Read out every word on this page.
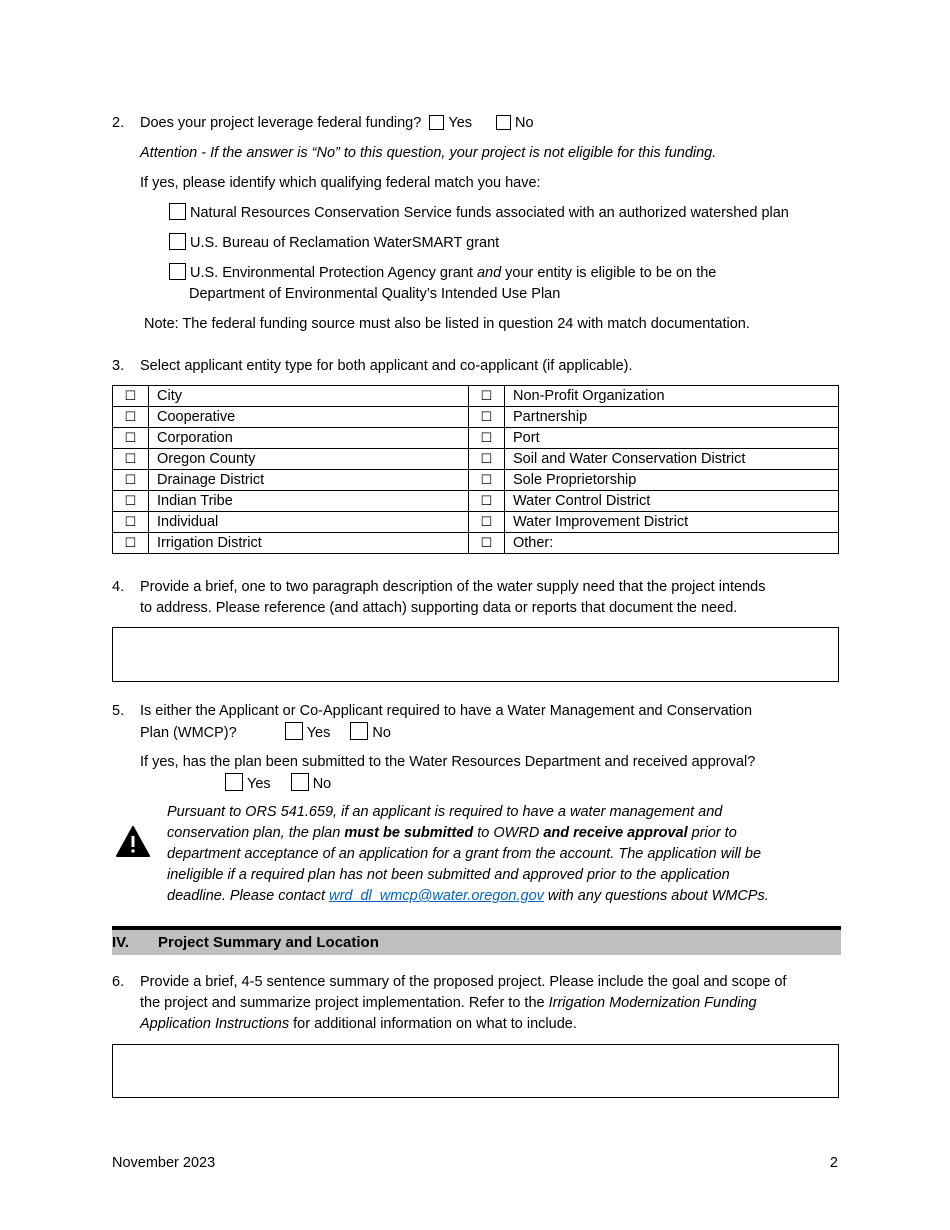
2. Does your project leverage federal funding? Yes	No
Attention - If the answer is “No” to this question, your project is not eligible for this funding.
If yes, please identify which qualifying federal match you have:
Natural Resources Conservation Service funds associated with an authorized watershed plan
U.S. Bureau of Reclamation WaterSMART grant
U.S. Environmental Protection Agency grant and your entity is eligible to be on the
Department of Environmental Quality’s Intended Use Plan
Note: The federal funding source must also be listed in question 24 with match documentation.
3. Select applicant entity type for both applicant and co-applicant (if applicable).
☐	City	☐	Non-Profit Organization
☐	Cooperative	☐	Partnership
☐	Corporation	☐	Port
☐	Oregon County	☐	Soil and Water Conservation District
☐	Drainage District	☐	Sole Proprietorship
☐	Indian Tribe	☐	Water Control District
☐	Individual	☐	Water Improvement District
☐	Irrigation District	☐	Other:
4. Provide a brief, one to two paragraph description of the water supply need that the project intends
to address. Please reference (and attach) supporting data or reports that document the need.
5. Is either the Applicant or Co-Applicant required to have a Water Management and Conservation
Plan (WMCP)?	Yes	No
If yes, has the plan been submitted to the Water Resources Department and received approval?
Yes	No
Pursuant to ORS 541.659, if an applicant is required to have a water management and
conservation plan, the plan must be submitted to OWRD and receive approval prior to
department acceptance of an application for a grant from the account. The application will be
ineligible if a required plan has not been submitted and approved prior to the application
deadline. Please contact wrd_dl_wmcp@water.oregon.gov with any questions about WMCPs.
IV. Project Summary and Location
6. Provide a brief, 4-5 sentence summary of the proposed project. Please include the goal and scope of
the project and summarize project implementation. Refer to the Irrigation Modernization Funding
Application Instructions for additional information on what to include.
November 2023	2
